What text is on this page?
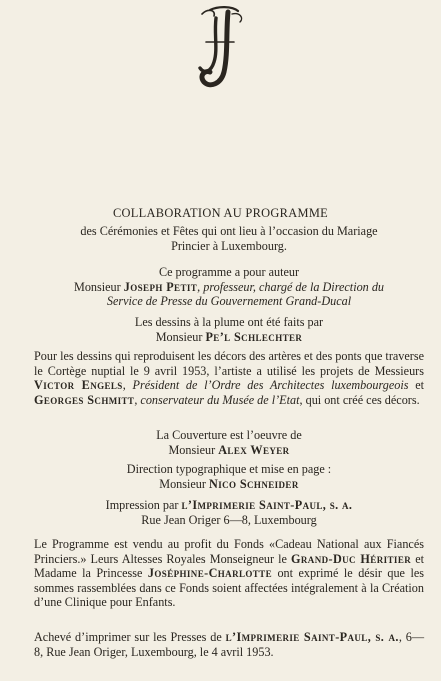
COLLABORATION AU PROGRAMME
des Cérémonies et Fêtes qui ont lieu à l’occasion du Mariage
Princier à Luxembourg.
Ce programme a pour auteur
Monsieur Joseph Petit, professeur, chargé de la Direction du
Service de Presse du Gouvernement Grand-Ducal
Les dessins à la plume ont été faits par
Monsieur Pe’l Schlechter
Pour les dessins qui reproduisent les décors des artères et des ponts que traverse le Cortège nuptial le 9 avril 1953, l’artiste a utilisé les projets de Messieurs Victor Engels, Président de l’Ordre des Architectes luxembourgeois et Georges Schmitt, conservateur du Musée de l’Etat, qui ont créé ces décors.
La Couverture est l’oeuvre de
Monsieur Alex Weyer
Direction typographique et mise en page :
Monsieur Nico Schneider
Impression par l’Imprimerie Saint-Paul, s. a.
Rue Jean Origer 6—8, Luxembourg
Le Programme est vendu au profit du Fonds «Cadeau National aux Fiancés Princiers.» Leurs Altesses Royales Monseigneur le Grand-Duc Héritier et Madame la Princesse Joséphine-Charlotte ont exprimé le désir que les sommes rassemblées dans ce Fonds soient affectées intégralement à la Création d’une Clinique pour Enfants.
Achevé d’imprimer sur les Presses de l’Imprimerie Saint-Paul, s. a., 6—8, Rue Jean Origer, Luxembourg, le 4 avril 1953.
